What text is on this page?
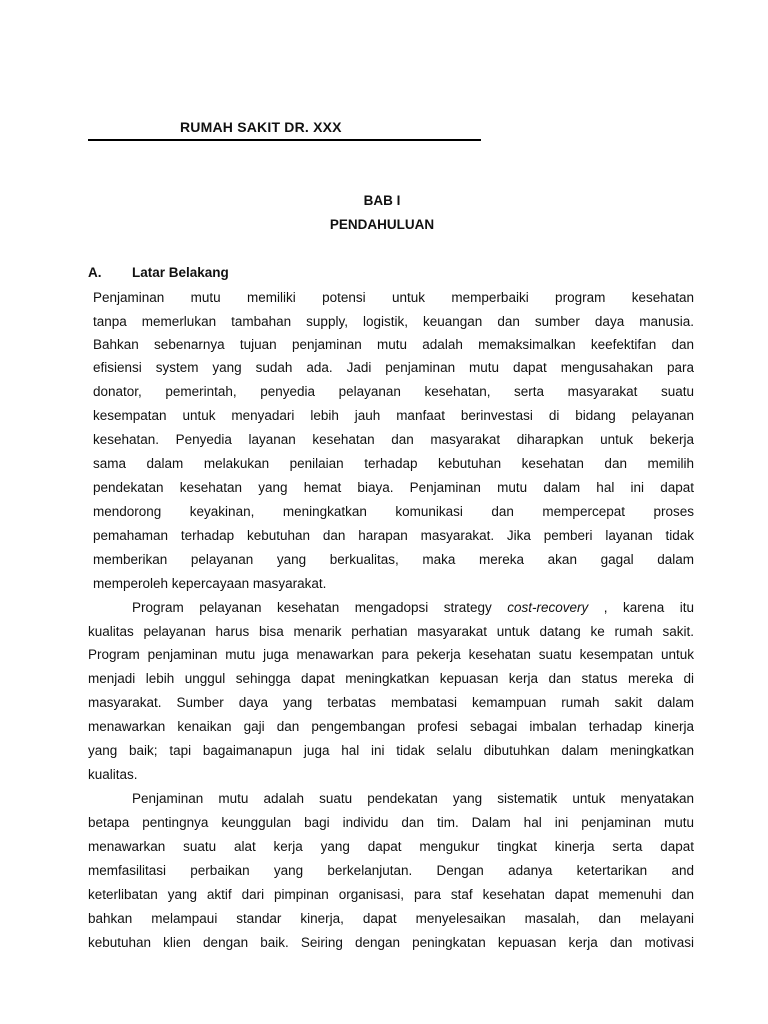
RUMAH SAKIT DR. XXX
BAB I
PENDAHULUAN
A. Latar Belakang
Penjaminan mutu memiliki potensi untuk memperbaiki program kesehatan
tanpa memerlukan tambahan supply, logistik, keuangan dan sumber daya manusia.
Bahkan sebenarnya tujuan penjaminan mutu adalah memaksimalkan keefektifan dan
efisiensi system yang sudah ada. Jadi penjaminan mutu dapat mengusahakan para
donator, pemerintah, penyedia pelayanan kesehatan, serta masyarakat suatu
kesempatan untuk menyadari lebih jauh manfaat berinvestasi di bidang pelayanan
kesehatan. Penyedia layanan kesehatan dan masyarakat diharapkan untuk bekerja
sama dalam melakukan penilaian terhadap kebutuhan kesehatan dan memilih
pendekatan kesehatan yang hemat biaya. Penjaminan mutu dalam hal ini dapat
mendorong keyakinan, meningkatkan komunikasi dan mempercepat proses
pemahaman terhadap kebutuhan dan harapan masyarakat. Jika pemberi layanan tidak
memberikan pelayanan yang berkualitas, maka mereka akan gagal dalam
memperoleh kepercayaan masyarakat.
Program pelayanan kesehatan mengadopsi strategy cost-recovery , karena itu
kualitas pelayanan harus bisa menarik perhatian masyarakat untuk datang ke rumah sakit.
Program penjaminan mutu juga menawarkan para pekerja kesehatan suatu kesempatan untuk
menjadi lebih unggul sehingga dapat meningkatkan kepuasan kerja dan status mereka di
masyarakat. Sumber daya yang terbatas membatasi kemampuan rumah sakit dalam
menawarkan kenaikan gaji dan pengembangan profesi sebagai imbalan terhadap kinerja
yang baik; tapi bagaimanapun juga hal ini tidak selalu dibutuhkan dalam meningkatkan
kualitas.
Penjaminan mutu adalah suatu pendekatan yang sistematik untuk menyatakan
betapa pentingnya keunggulan bagi individu dan tim. Dalam hal ini penjaminan mutu
menawarkan suatu alat kerja yang dapat mengukur tingkat kinerja serta dapat
memfasilitasi perbaikan yang berkelanjutan. Dengan adanya ketertarikan and
keterlibatan yang aktif dari pimpinan organisasi, para staf kesehatan dapat memenuhi dan
bahkan melampaui standar kinerja, dapat menyelesaikan masalah, dan melayani
kebutuhan klien dengan baik. Seiring dengan peningkatan kepuasan kerja dan motivasi
